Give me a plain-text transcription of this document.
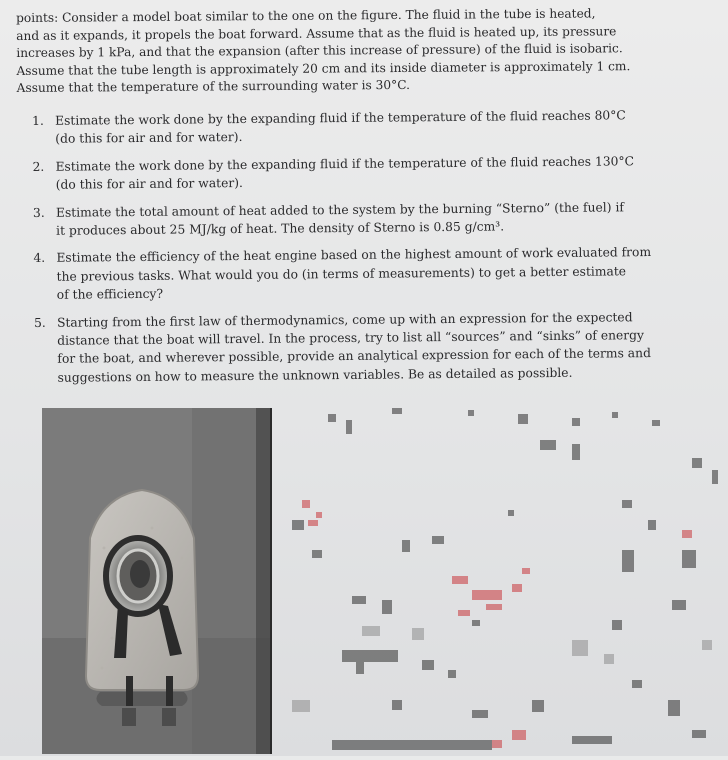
points: Consider a model boat similar to the one on the figure. The fluid in the tube is heated,
and as it expands, it propels the boat forward. Assume that as the fluid is heated up, its pressure
increases by 1 kPa, and that the expansion (after this increase of pressure) of the fluid is isobaric.
Assume that the tube length is approximately 20 cm and its inside diameter is approximately 1 cm.
Assume that the temperature of the surrounding water is 30°C.
1. Estimate the work done by the expanding fluid if the temperature of the fluid reaches 80°C
(do this for air and for water).
2. Estimate the work done by the expanding fluid if the temperature of the fluid reaches 130°C
(do this for air and for water).
3. Estimate the total amount of heat added to the system by the burning “Sterno” (the fuel) if
it produces about 25 MJ/kg of heat. The density of Sterno is 0.85 g/cm³.
4. Estimate the efficiency of the heat engine based on the highest amount of work evaluated from
the previous tasks. What would you do (in terms of measurements) to get a better estimate
of the efficiency?
5. Starting from the first law of thermodynamics, come up with an expression for the expected
distance that the boat will travel. In the process, try to list all “sources” and “sinks” of energy
for the boat, and wherever possible, provide an analytical expression for each of the terms and
suggestions on how to measure the unknown variables. Be as detailed as possible.
